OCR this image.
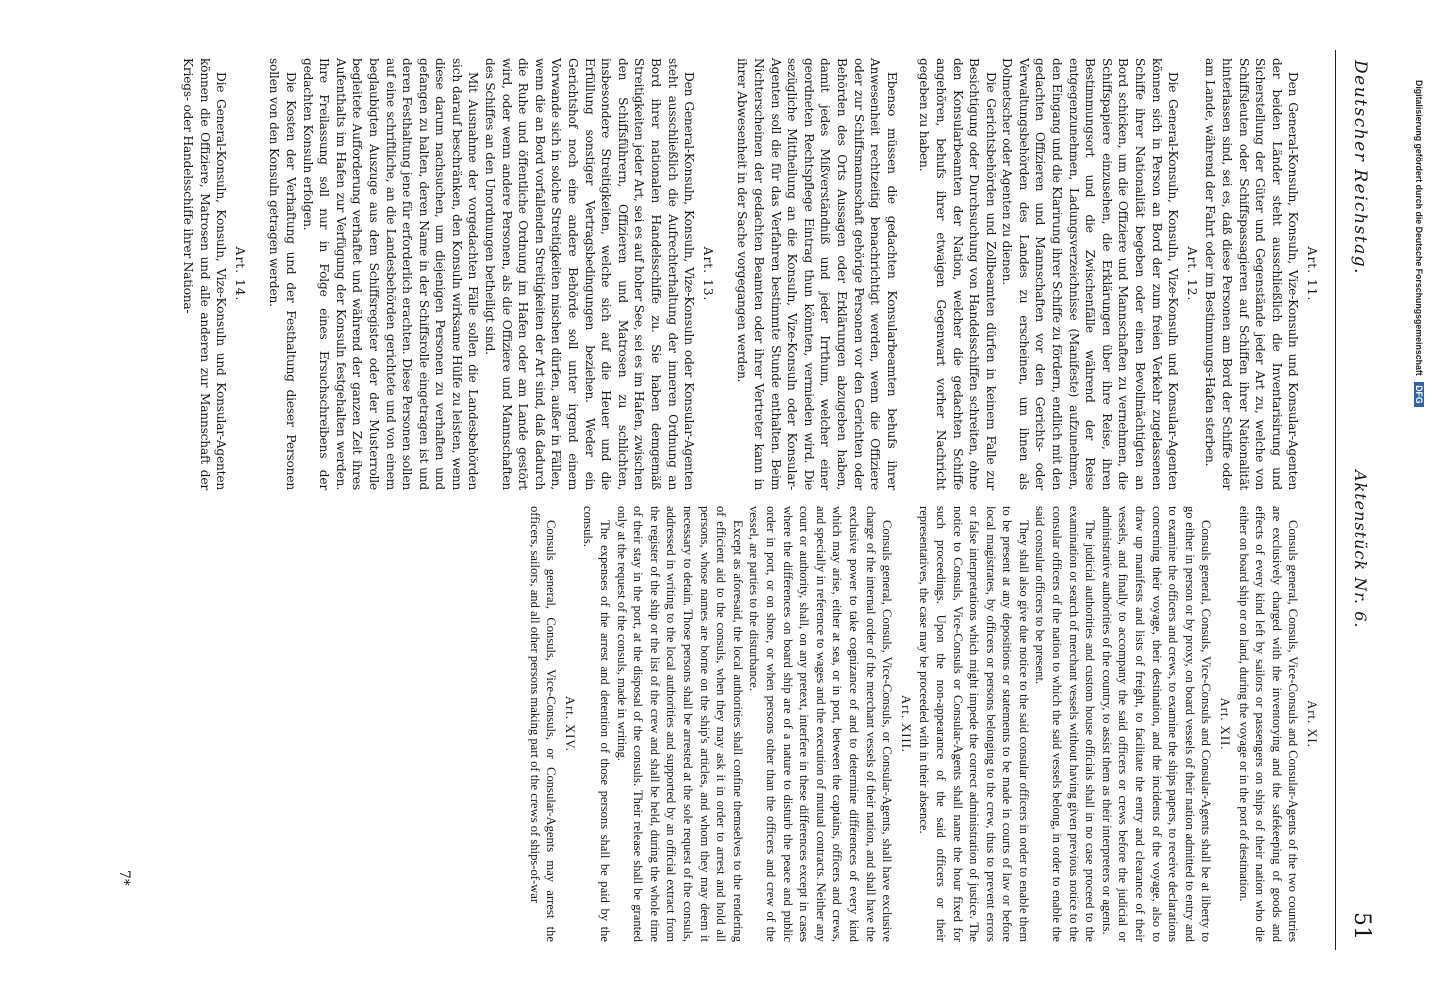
Deutscher Reichstag.
Aktenstück Nr. 6.
51
Art. 11.

Den General-Konsuln, Konsuln, Vize-Konsuln und Konsular-Agenten der beiden Länder steht ausschließlich die Inventarisirung und Sicherstellung der Güter und Gegenstände jeder Art zu, welche von Schiffsleuten oder Schiffspassagieren auf Schiffen ihrer Nationalität hinterlassen sind, sei es, daß diese Personen am Bord der Schiffe oder am Lande, während der Fahrt oder im Bestimmungs-Hafen sterben.

Art. 12.

Die General-Konsuln, Konsuln, Vize-Konsuln und Konsular-Agenten können sich in Person an Bord der zum freien Verkehr zugelassenen Schiffe ihrer Nationalität begeben oder einen Bevollmächtigten an Bord schicken, um die Offiziere und Mannschaften zu vernehmen, die Schiffspapiere einzusehen, die Erklärungen über ihre Reise, ihren Bestimmungsort und die Zwischenfälle während der Reise entgegenzunehmen, Ladungsverzeichnisse (Manifeste) aufzunehmen, den Eingang und die Klarirung ihrer Schiffe zu fördern, endlich mit den gedachten Offizieren und Mannschaften vor den Gerichts- oder Verwaltungsbehörden des Landes zu erscheinen, um ihnen als Dolmetscher oder Agenten zu dienen.

Die Gerichtsbehörden und Zollbeamten dürfen in keinem Falle zur Besichtigung oder Durchsuchung von Handelsschiffen schreiten, ohne den Konsularbeamten der Nation, welcher die gedachten Schiffe angehören, behufs ihrer etwaigen Gegenwart vorher Nachricht gegeben zu haben.

Ebenso müssen die gedachten Konsularbeamten behufs ihrer Anwesenheit rechtzeitig benachrichtigt werden, wenn die Offiziere oder zur Schiffsmannschaft gehörige Personen vor den Gerichten oder Behörden des Orts Aussagen oder Erklärungen abzugeben haben, damit jedes Mißverständniß und jeder Irrthum, welcher einer geordneten Rechtspflege Eintrag thun könnten, vermieden wird. Die sezügliche Mittheilung an die Konsuln, Vize-Konsuln oder Konsular-Agenten soll die für das Verfahren bestimmte Stunde enthalten. Beim Nichterscheinen der gedachten Beamten oder ihrer Vertreter kann in ihrer Abwesenheit in der Sache vorgegangen werden.

Art. 13.

Den General-Konsuln, Konsuln, Vize-Konsuln oder Konsular-Agenten steht ausschließlich die Aufrechterhaltung der inneren Ordnung an Bord ihrer nationalen Handelsschiffe zu. Sie haben demgemäß Streitigkeiten jeder Art, sei es auf hoher See, sei es im Hafen, zwischen den Schiffsführern, Offizieren und Matrosen zu schlichten, insbesondere Streitigkeiten, welche sich auf die Heuer und die Erfüllung sonstiger Vertragsbedingungen beziehen. Weder ein Gerichtshof noch eine andere Behörde soll unter irgend einem Vorwande sich in solche Streitigkeiten mischen dürfen, außer in Fällen, wenn die an Bord vorfallenden Streitigkeiten der Art sind, daß dadurch die Ruhe und öffentliche Ordnung im Hafen oder am Lande gestört wird, oder wenn andere Personen, als die Offiziere und Mannschaften des Schiffes an den Unordnungen betheiligt sind.

Mit Ausnahme der vorgedachten Fälle sollen die Landesbehörden sich darauf beschränken, den Konsuln wirksame Hülfe zu leisten, wenn diese darum nachsuchen, um diejenigen Personen zu verhaften und gefangen zu halten, deren Name in der Schiffsrolle eingetragen ist und deren Festhaltung jene für erforderlich erachten. Diese Personen sollen auf eine schriftliche, an die Landesbehörden gerichtete und von einem beglaubigten Auszuge aus dem Schiffsregister oder der Musterrolle begleitete Aufforderung verhaftet und während der ganzen Zeit ihres Aufenthalts im Hafen zur Verfügung der Konsuln festgehalten werden. Ihre Freilassung soll nur in Folge eines Ersuchschreibens der gedachten Konsuln erfolgen.

Die Kosten der Verhaftung und der Festhaltung dieser Personen sollen von den Konsuln getragen werden.

Art. 14.

Die General-Konsuln, Konsuln, Vize-Konsuln und Konsular-Agenten können die Offiziere, Matrosen und alle anderen zur Mannschaft der Kriegs- oder Handelsschiffe ihrer Nationa-

Art. XI.

Consuls general, Consuls, Vice-Consuls and Consular-Agents of the two countries are exclusively charged with the inventorying and the safekeeping of goods and effects of every kind left by sailors or passengers on ships of their nation who die either on board ship or on land, during the voyage or in the port of destination.

Art. XII.

Consuls general, Consuls, Vice-Consuls and Consular-Agents shall be at liberty to go either in person or by proxy, on board vessels of their nation admitted to entry and to examine the officers and crews, to examine the ships papers, to receive declarations concerning their voyage, their destination, and the incidents of the voyage, also to draw up manifests and lists of freight, to facilitate the entry and clearance of their vessels, and finally to accompany the said officers or crews before the judicial or administrative authorities of the country, to assist them as their interpreters or agents.

The judicial authorities and custom house officials shall in no case proceed to the examination or search of merchant vessels without having given previous notice to the consular officers of the nation to which the said vessels belong, in order to enable the said consular officers to be present.

They shall also give due notice to the said consular officers in order to enable them to be present at any depositions or statements to be made in courts of law or before local magistrates, by officers or persons belonging to the crew, thus to prevent errors or false interpretations which might impede the correct administration of justice. The notice to Consuls, Vice-Consuls or Consular-Agents shall name the hour fixed for such proceedings. Upon the non-appearance of the said officers or their representatives, the case may be proceeded with in their absence.

Art. XIII.

Consuls general, Consuls, Vice-Consuls, or Consular-Agents, shall have exclusive charge of the internal order of the merchant vessels of their nation, and shall have the exclusive power to take cognizance of and to determine differences of every kind which may arise, either at sea, or in port, between the captains, officers and crews, and specially in reference to wages and the execution of mutual contracts. Neither any court or authority, shall, on any pretext, interfere in these differences except in cases where the differences on board ship are of a nature to disturb the peace and public order in port, or on shore, or when persons other than the officers and crew of the vessel, are parties to the disturbance.

Except as aforesaid, the local authorities shall confine themselves to the rendering of efficient aid to the consuls, when they may ask it in order to arrest and hold all persons, whose names are borne on the ship's articles, and whom they may deem it necessary to detain. Those persons shall be arrested at the sole request of the consuls, addressed in writing to the local authorities and supported by an official extract from the register of the ship or the list of the crew and shall be held, during the whole time of their stay in the port, at the disposal of the consuls. Their release shall be granted only at the request of the consuls, made in writing.

The expenses of the arrest and detention of those persons shall be paid by the consuls.

Art. XIV.

Consuls general, Consuls, Vice-Consuls, or Consular-Agents may arrest the officers, sailors, and all other persons making part of the crews of ships-of-war

7*
Digitalisierung gefördert durch die Deutsche Forschungsgemeinschaft DFG
